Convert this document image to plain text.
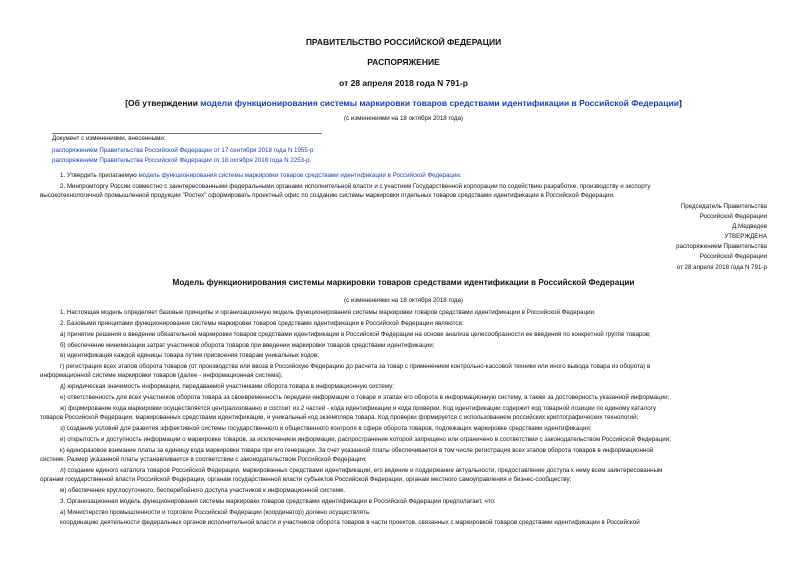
ПРАВИТЕЛЬСТВО РОССИЙСКОЙ ФЕДЕРАЦИИ
РАСПОРЯЖЕНИЕ
от 28 апреля 2018 года N 791-р
[Об утверждении модели функционирования системы маркировки товаров средствами идентификации в Российской Федерации]
(с изменениями на 18 октября 2018 года)
Документ с изменениями, внесенными:
распоряжением Правительства Российской Федерации от 17 сентября 2018 года N 1955-р;
распоряжением Правительства Российской Федерации от 18 октября 2018 года N 2253-р.
1. Утвердить прилагаемую модель функционирования системы маркировки товаров средствами идентификации в Российской Федерации.
2. Минпромторгу России совместно с заинтересованными федеральными органами исполнительной власти и с участием Государственной корпорации по содействию разработке, производству и экспорту
высокотехнологичной промышленной продукции "Ростех" сформировать проектный офис по созданию системы маркировки отдельных товаров средствами идентификации в Российской Федерации.
Председатель Правительства
Российской Федерации
Д.Медведев
УТВЕРЖДЕНА
распоряжением Правительства
Российской Федерации
от 28 апреля 2018 года N 791-р
Модель функционирования системы маркировки товаров средствами идентификации в Российской Федерации
(с изменениями на 18 октября 2018 года)
1. Настоящая модель определяет базовые принципы и организационную модель функционирования системы маркировки товаров средствами идентификации в Российской Федерации.
2. Базовыми принципами функционирования системы маркировки товаров средствами идентификации в Российской Федерации являются:
а) принятие решения о введении обязательной маркировки товаров средствами идентификации в Российской Федерации на основе анализа целесообразности ее введения по конкретной группе товаров;
б) обеспечение минимизации затрат участников оборота товаров при введении маркировки товаров средствами идентификации;
в) идентификация каждой единицы товара путем присвоения товарам уникальных кодов;
г) регистрация всех этапов оборота товаров (от производства или ввоза в Российскую Федерацию до расчета за товар с применением контрольно-кассовой техники или иного вывода товара из оборота) в
информационной системе маркировки товаров (далее - информационная система);
д) юридическая значимость информации, передаваемой участниками оборота товара в информационную систему;
е) ответственность для всех участников оборота товара за своевременность передачи информации о товаре и этапах его оборота в информационную систему, а также за достоверность указанной информации;
ж) формирование кода маркировки осуществляется централизованно и состоит из 2 частей - кода идентификации и кода проверки. Код идентификации содержит код товарной позиции по единому каталогу
товаров Российской Федерации, маркированных средствами идентификации, и уникальный код экземпляра товара. Код проверки формируется с использованием российских криптографических технологий;
з) создание условий для развития эффективной системы государственного и общественного контроля в сфере оборота товаров, подлежащих маркировке средствами идентификации;
и) открытость и доступность информации о маркировке товаров, за исключением информации, распространение которой запрещено или ограничено в соответствии с законодательством Российской Федерации;
к) единоразовое взимание платы за единицу кода маркировки товара при его генерации. За счет указанной платы обеспечивается в том числе регистрация всех этапов оборота товаров в информационной
системе. Размер указанной платы устанавливается в соответствии с законодательством Российской Федерации;
л) создание единого каталога товаров Российской Федерации, маркированных средствами идентификации, его ведение и поддержание актуальности, предоставление доступа к нему всем заинтересованным
органам государственной власти Российской Федерации, органам государственной власти субъектов Российской Федерации, органам местного самоуправления и бизнес-сообществу;
м) обеспечение круглосуточного, бесперебойного доступа участников к информационной системе.
3. Организационная модель функционирования системы маркировки товаров средствами идентификации в Российской Федерации предполагает, что:
а) Министерство промышленности и торговли Российской Федерации (координатор) должно осуществлять:
координацию деятельности федеральных органов исполнительной власти и участников оборота товаров в части проектов, связанных с маркировкой товаров средствами идентификации в Российской
